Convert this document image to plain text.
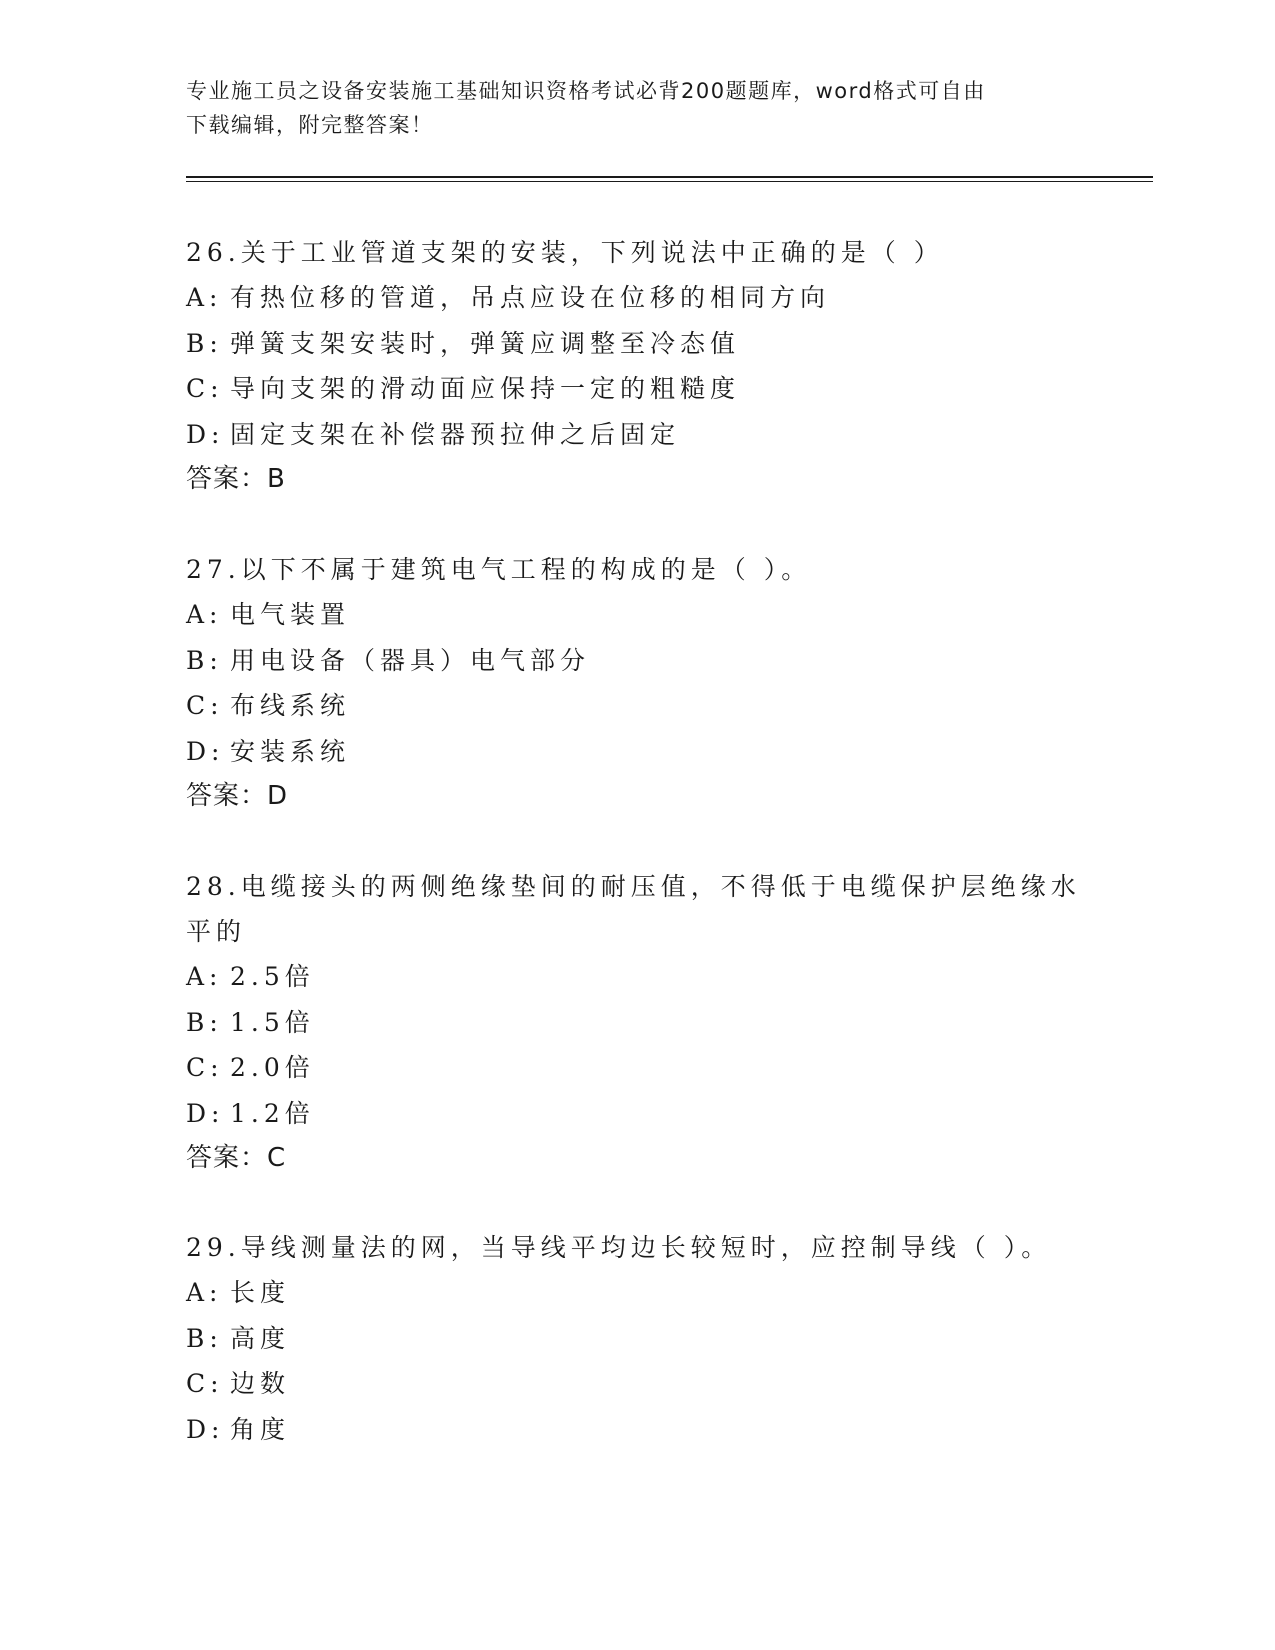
专业施工员之设备安装施工基础知识资格考试必背200题题库，word格式可自由
下载编辑，附完整答案！

26.关于工业管道支架的安装，下列说法中正确的是（ ）

A: 有热位移的管道，吊点应设在位移的相同方向

B: 弹簧支架安装时，弹簧应调整至冷态值

C: 导向支架的滑动面应保持一定的粗糙度

D: 固定支架在补偿器预拉伸之后固定

答案：B

27.以下不属于建筑电气工程的构成的是（ ）。

A: 电气装置

B: 用电设备（器具）电气部分

C: 布线系统

D: 安装系统

答案：D

28.电缆接头的两侧绝缘垫间的耐压值，不得低于电缆保护层绝缘水平的

A: 2.5倍

B: 1.5倍

C: 2.0倍

D: 1.2倍

答案：C

29.导线测量法的网，当导线平均边长较短时，应控制导线（ ）。

A: 长度

B: 高度

C: 边数

D: 角度
